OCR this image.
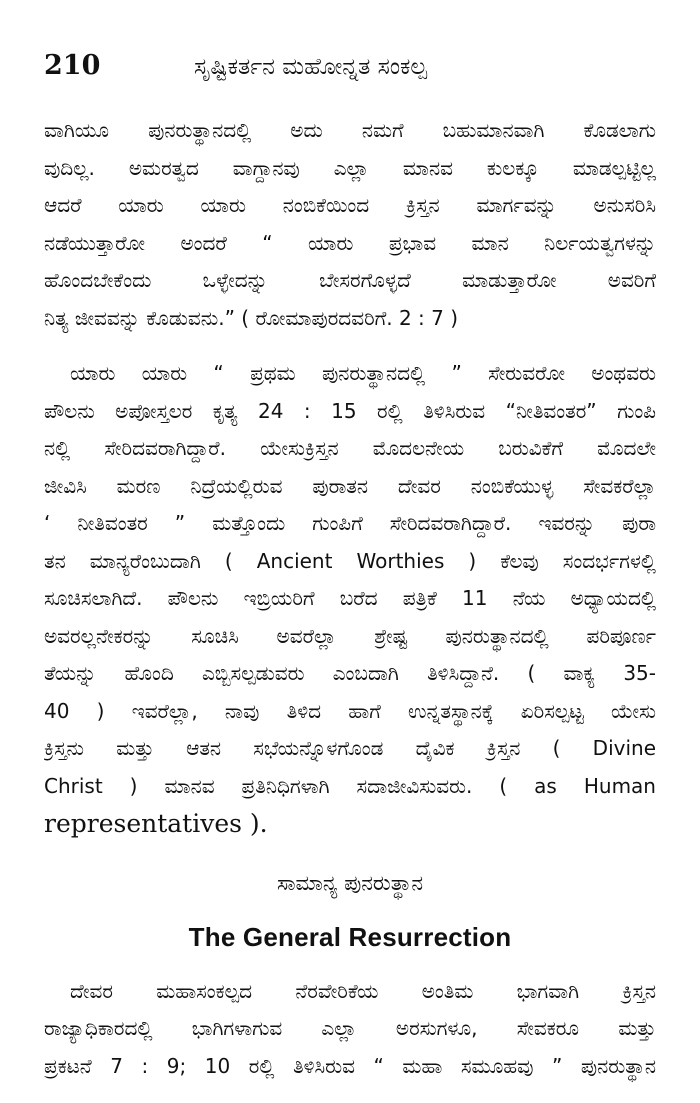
210	ಸೃಷ್ಟಿಕರ್ತನ ಮಹೋನ್ನತ ಸಂಕಲ್ಪ
ವಾಗಿಯೂ ಪುನರುತ್ಥಾನದಲ್ಲಿ ಅದು ನಮಗೆ ಬಹುಮಾನವಾಗಿ ಕೊಡಲಾಗು
ವುದಿಲ್ಲ. ಅಮರತ್ವದ ವಾಗ್ದಾನವು ಎಲ್ಲಾ ಮಾನವ ಕುಲಕ್ಕೂ ಮಾಡಲ್ಪಟ್ಟಿಲ್ಲ
ಆದರೆ ಯಾರು ಯಾರು ನಂಬಿಕೆಯಿಂದ ಕ್ರಿಸ್ತನ ಮಾರ್ಗವನ್ನು ಅನುಸರಿಸಿ
ನಡೆಯುತ್ತಾರೋ ಅಂದರೆ “ ಯಾರು ಪ್ರಭಾವ ಮಾನ ನಿರ್ಲಯತ್ವಗಳನ್ನು
ಹೊಂದಬೇಕೆಂದು ಒಳ್ಳೇದನ್ನು ಬೇಸರಗೊಳ್ಳದೆ ಮಾಡುತ್ತಾರೋ ಅವರಿಗೆ
ನಿತ್ಯ ಜೀವವನ್ನು ಕೊಡುವನು.” ( ರೋಮಾಪುರದವರಿಗೆ. 2 : 7 )
ಯಾರು ಯಾರು “ ಪ್ರಥಮ ಪುನರುತ್ಥಾನದಲ್ಲಿ ” ಸೇರುವರೋ ಅಂಥವರು
ಪೌಲನು ಅಪೋಸ್ತಲರ ಕೃತ್ಯ 24 : 15 ರಲ್ಲಿ ತಿಳಿಸಿರುವ “ನೀತಿವಂತರ” ಗುಂಪಿ
ನಲ್ಲಿ ಸೇರಿದವರಾಗಿದ್ದಾರೆ. ಯೇಸುಕ್ರಿಸ್ತನ ಮೊದಲನೇಯ ಬರುವಿಕೆಗೆ ಮೊದಲೇ
ಜೀವಿಸಿ ಮರಣ ನಿದ್ರೆಯಲ್ಲಿರುವ ಪುರಾತನ ದೇವರ ನಂಬಿಕೆಯುಳ್ಳ ಸೇವಕರೆಲ್ಲಾ
‘ ನೀತಿವಂತರ ” ಮತ್ತೊಂದು ಗುಂಪಿಗೆ ಸೇರಿದವರಾಗಿದ್ದಾರೆ. ಇವರನ್ನು ಪುರಾ
ತನ ಮಾನ್ಯರೆಂಬುದಾಗಿ ( Ancient Worthies ) ಕೆಲವು ಸಂದರ್ಭಗಳಲ್ಲಿ
ಸೂಚಿಸಲಾಗಿದೆ. ಪೌಲನು ಇಬ್ರಿಯರಿಗೆ ಬರೆದ ಪತ್ರಿಕೆ 11 ನೆಯ ಅಧ್ಯಾಯದಲ್ಲಿ
ಅವರಲ್ಲನೇಕರನ್ನು ಸೂಚಿಸಿ ಅವರೆಲ್ಲಾ ಶ್ರೇಷ್ಟ ಪುನರುತ್ಥಾನದಲ್ಲಿ ಪರಿಪೂರ್ಣ
ತೆಯನ್ನು ಹೊಂದಿ ಎಬ್ಬಿಸಲ್ಪಡುವರು ಎಂಬದಾಗಿ ತಿಳಿಸಿದ್ದಾನೆ. ( ವಾಕ್ಯ 35-
40 ) ಇವರೆಲ್ಲಾ, ನಾವು ತಿಳಿದ ಹಾಗೆ ಉನ್ನತಸ್ಥಾನಕ್ಕೆ ಏರಿಸಲ್ಪಟ್ಟ ಯೇಸು
ಕ್ರಿಸ್ತನು ಮತ್ತು ಆತನ ಸಭೆಯನ್ನೊಳಗೊಂಡ ದೈವಿಕ ಕ್ರಿಸ್ತನ ( Divine
Christ ) ಮಾನವ ಪ್ರತಿನಿಧಿಗಳಾಗಿ ಸದಾಜೀವಿಸುವರು. ( as Human
representatives ).
ಸಾಮಾನ್ಯ ಪುನರುತ್ಥಾನ
The General Resurrection
ದೇವರ ಮಹಾಸಂಕಲ್ಪದ ನೆರವೇರಿಕೆಯ ಅಂತಿಮ ಭಾಗವಾಗಿ ಕ್ರಿಸ್ತನ
ರಾಜ್ಯಾಧಿಕಾರದಲ್ಲಿ ಭಾಗಿಗಳಾಗುವ ಎಲ್ಲಾ ಅರಸುಗಳೂ, ಸೇವಕರೂ ಮತ್ತು
ಪ್ರಕಟನೆ 7 : 9; 10 ರಲ್ಲಿ ತಿಳಿಸಿರುವ “ ಮಹಾ ಸಮೂಹವು ” ಪುನರುತ್ಥಾನ
